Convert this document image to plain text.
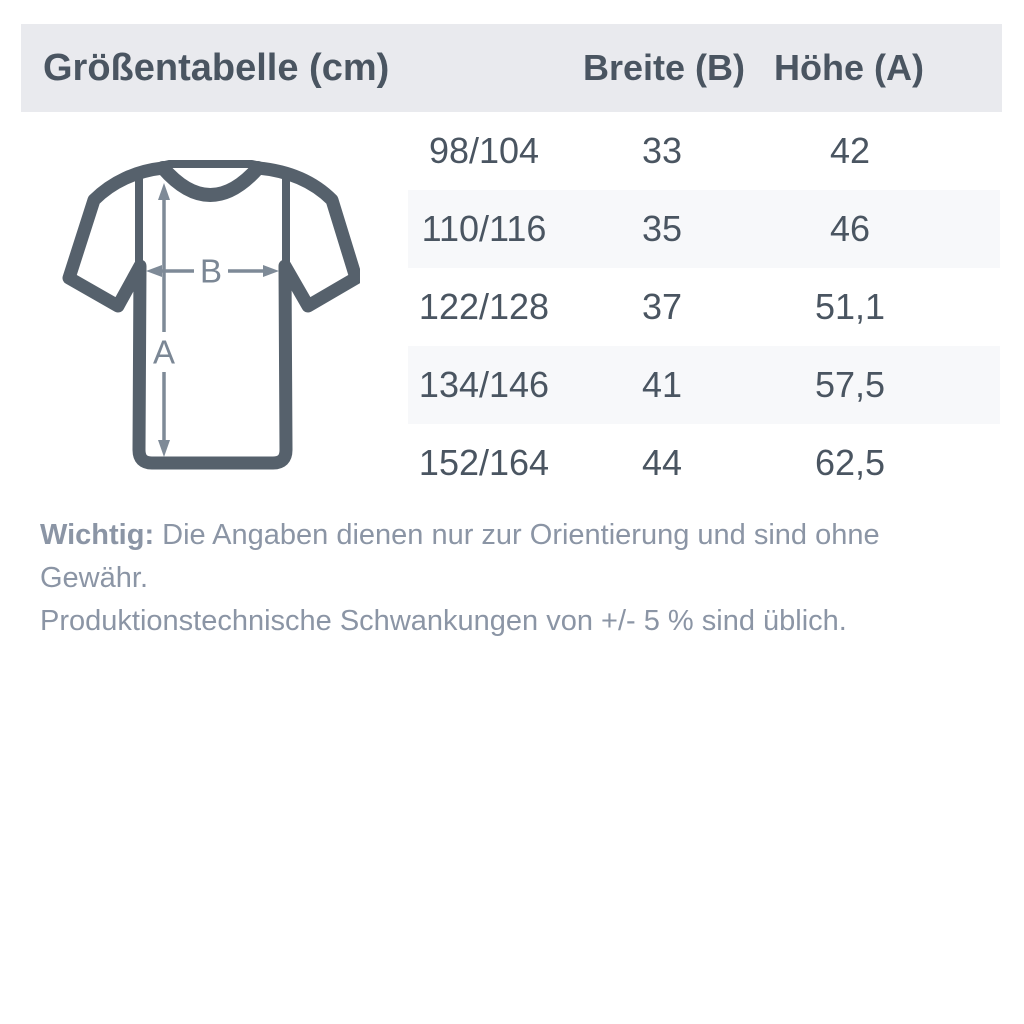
Größentabelle (cm)	Breite (B) Höhe (A)
A
B
98/104	33	42
110/116	35	46
122/128	37	51,1
134/146	41	57,5
152/164	44	62,5
Wichtig: Die Angaben dienen nur zur Orientierung und sind ohne Gewähr.
Produktionstechnische Schwankungen von +/- 5 % sind üblich.
